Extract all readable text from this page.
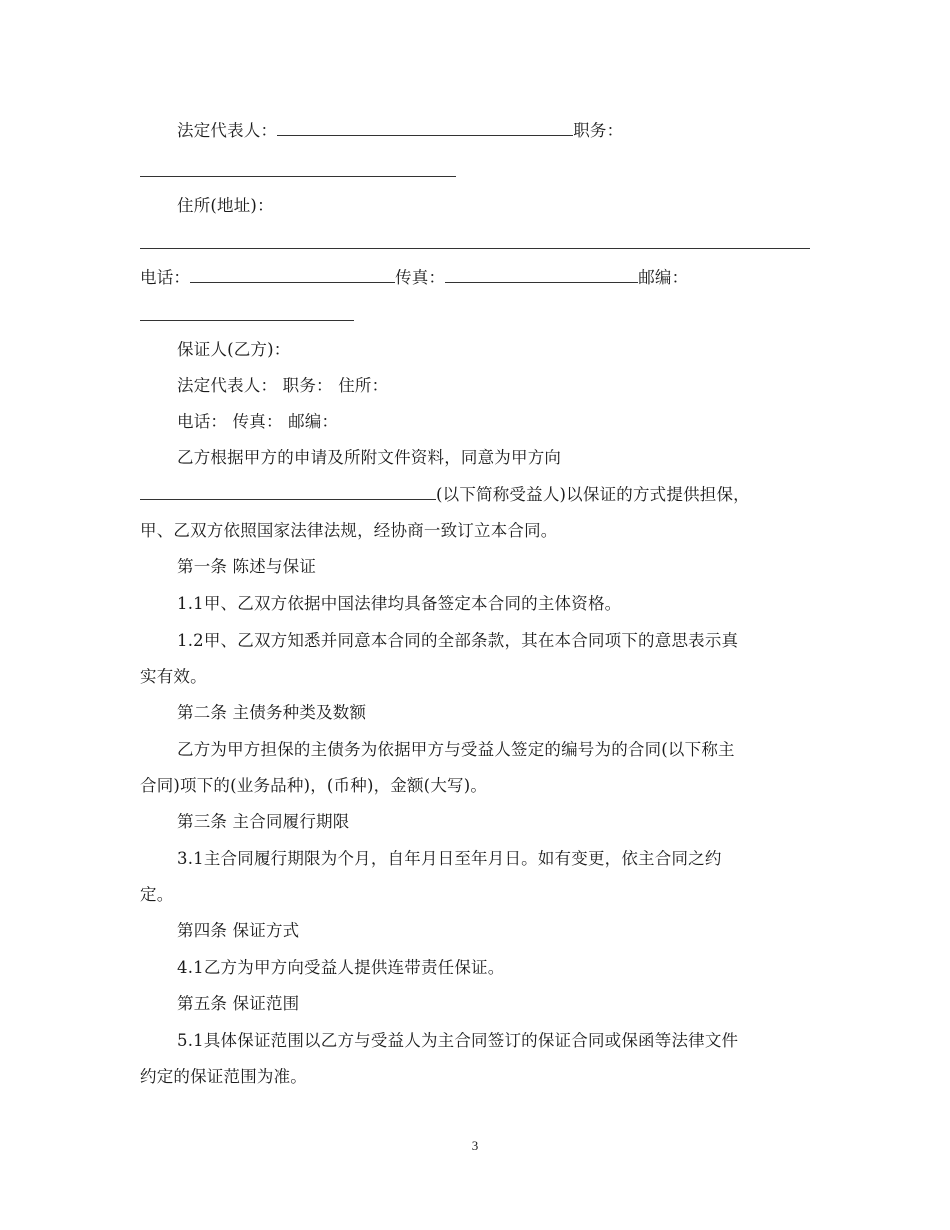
法定代表人：	职务：
住所(地址)：
电话：	传真：	邮编：
保证人(乙方)：
法定代表人： 职务： 住所：
电话： 传真： 邮编：
乙方根据甲方的申请及所附文件资料，同意为甲方向
(以下简称受益人)以保证的方式提供担保，
甲、乙双方依照国家法律法规，经协商一致订立本合同。
第一条 陈述与保证
1.1甲、乙双方依据中国法律均具备签定本合同的主体资格。
1.2甲、乙双方知悉并同意本合同的全部条款，其在本合同项下的意思表示真
实有效。
第二条 主债务种类及数额
乙方为甲方担保的主债务为依据甲方与受益人签定的编号为的合同(以下称主
合同)项下的(业务品种)，(币种)，金额(大写)。
第三条 主合同履行期限
3.1主合同履行期限为个月，自年月日至年月日。如有变更，依主合同之约
定。
第四条 保证方式
4.1乙方为甲方向受益人提供连带责任保证。
第五条 保证范围
5.1具体保证范围以乙方与受益人为主合同签订的保证合同或保函等法律文件
约定的保证范围为准。
3
